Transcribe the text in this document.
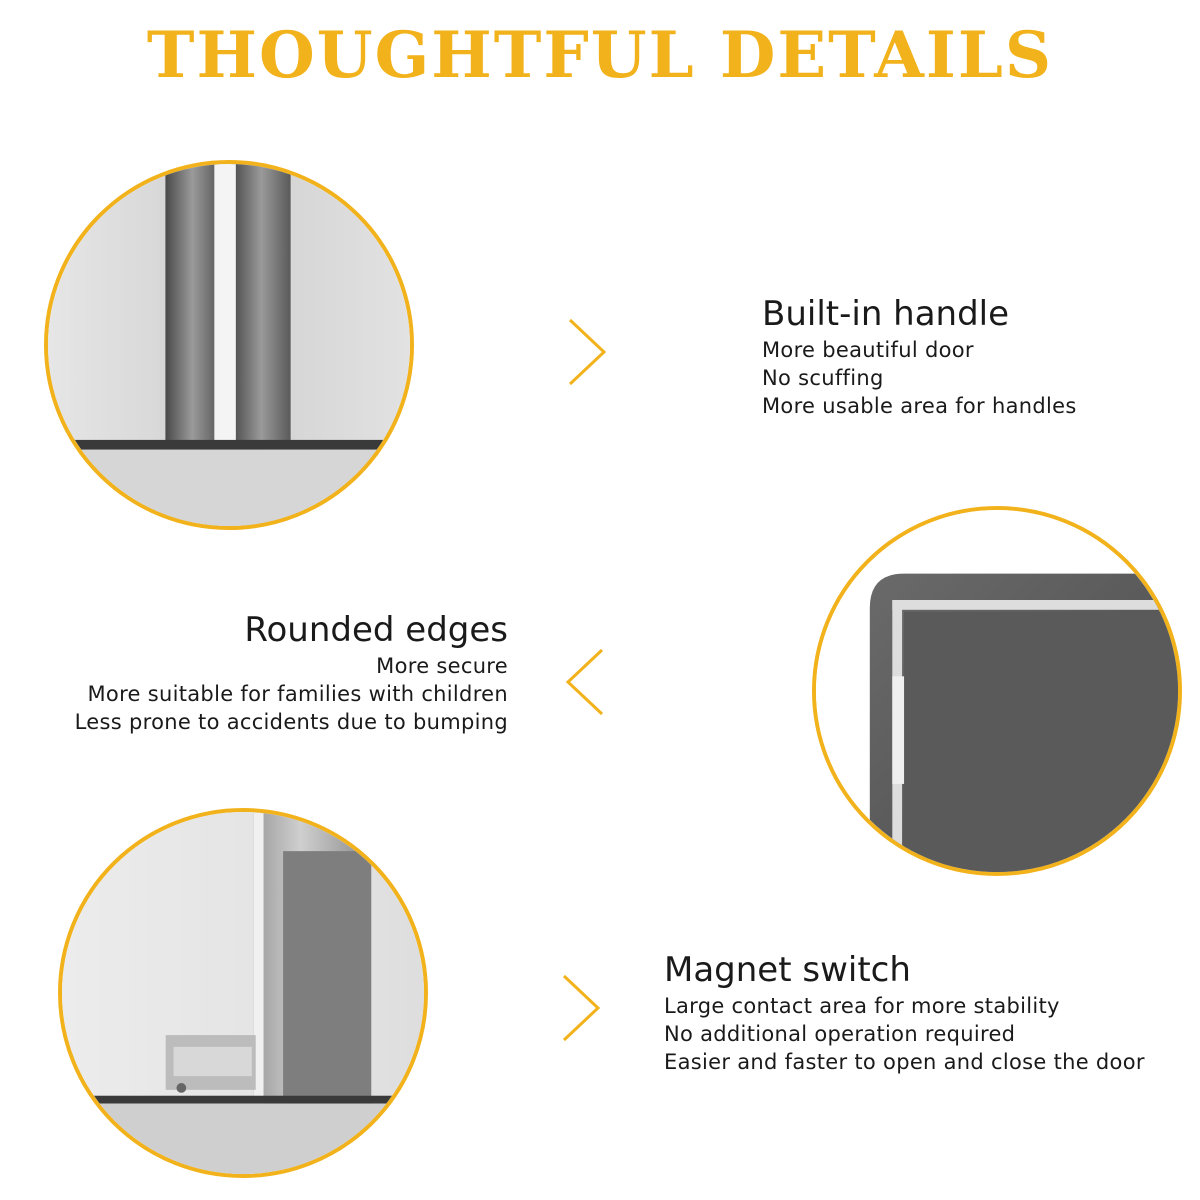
THOUGHTFUL DETAILS
Built-in handle
More beautiful door
No scuffing
More usable area for handles
Rounded edges
More secure
More suitable for families with children
Less prone to accidents due to bumping
Magnet switch
Large contact area for more stability
No additional operation required
Easier and faster to open and close the door
